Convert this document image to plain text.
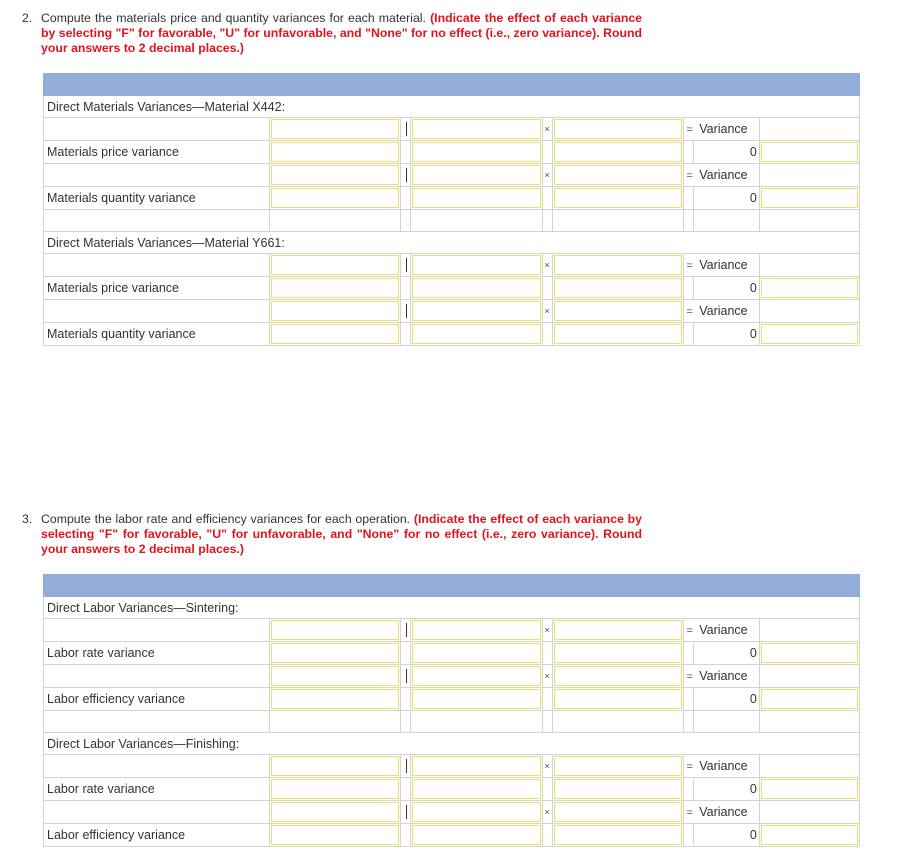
2. Compute the materials price and quantity variances for each material. (Indicate the effect of each variance by selecting "F" for favorable, "U" for unfavorable, and "None" for no effect (i.e., zero variance). Round your answers to 2 decimal places.)

Direct Materials Variances—Material X442:								

	×		= Variance		
Materials price variance							0	

	×		= Variance		
Materials quantity variance							0	

Direct Materials Variances—Material Y661:								

	×		= Variance		
Materials price variance							0	

	×		= Variance		
Materials quantity variance							0	
3. Compute the labor rate and efficiency variances for each operation. (Indicate the effect of each variance by selecting "F" for favorable, "U" for unfavorable, and "None" for no effect (i.e., zero variance). Round your answers to 2 decimal places.)

Direct Labor Variances—Sintering:								

	×		= Variance		
Labor rate variance							0	

	×		= Variance		
Labor efficiency variance							0	

Direct Labor Variances—Finishing:								

	×		= Variance		
Labor rate variance							0	

	×		= Variance		
Labor efficiency variance							0	
